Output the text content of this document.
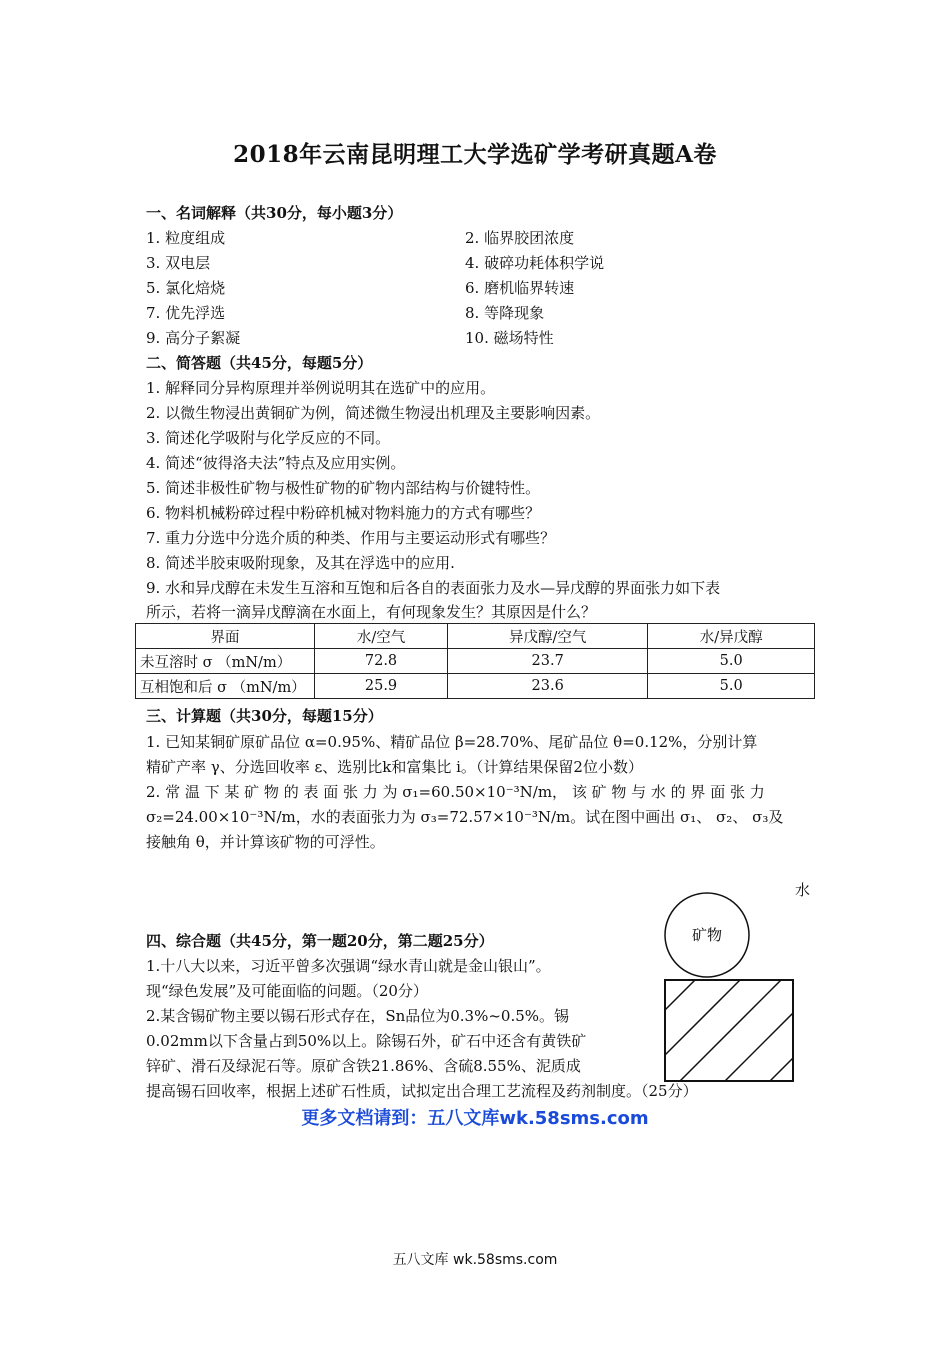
2018年云南昆明理工大学选矿学考研真题A卷
一、名词解释（共30分，每小题3分）
1. 粒度组成	2. 临界胶团浓度
3. 双电层	4. 破碎功耗体积学说
5. 氯化焙烧	6. 磨机临界转速
7. 优先浮选	8. 等降现象
9. 高分子絮凝	10. 磁场特性
二、简答题（共45分，每题5分）
1. 解释同分异构原理并举例说明其在选矿中的应用。
2. 以微生物浸出黄铜矿为例，简述微生物浸出机理及主要影响因素。
3. 简述化学吸附与化学反应的不同。
4. 简述“彼得洛夫法”特点及应用实例。
5. 简述非极性矿物与极性矿物的矿物内部结构与价键特性。
6. 物料机械粉碎过程中粉碎机械对物料施力的方式有哪些？
7. 重力分选中分选介质的种类、作用与主要运动形式有哪些？
8. 简述半胶束吸附现象，及其在浮选中的应用.
9. 水和异戊醇在未发生互溶和互饱和后各自的表面张力及水—异戊醇的界面张力如下表
所示，若将一滴异戊醇滴在水面上，有何现象发生？其原因是什么？
界面	水/空气	异戊醇/空气	水/异戊醇
未互溶时 σ （mN/m）	72.8	23.7	5.0
互相饱和后 σ （mN/m）	25.9	23.6	5.0
三、计算题（共30分，每题15分）
1. 已知某铜矿原矿品位 α=0.95%、精矿品位 β=28.70%、尾矿品位 θ=0.12%，分别计算
精矿产率 γ、分选回收率 ε、选别比k和富集比 i。（计算结果保留2位小数）
2. 常 温 下 某 矿 物 的 表 面 张 力 为 σ₁=60.50×10⁻³N/m， 该 矿 物 与 水 的 界 面 张 力
σ₂=24.00×10⁻³N/m，水的表面张力为 σ₃=72.57×10⁻³N/m。试在图中画出 σ₁、 σ₂、 σ₃及
接触角 θ，并计算该矿物的可浮性。
水
矿物
四、综合题（共45分，第一题20分，第二题25分）
1.十八大以来，习近平曾多次强调“绿水青山就是金山银山”。
现“绿色发展”及可能面临的问题。（20分）
2.某含锡矿物主要以锡石形式存在，Sn品位为0.3%~0.5%。锡
0.02mm以下含量占到50%以上。除锡石外，矿石中还含有黄铁矿
锌矿、滑石及绿泥石等。原矿含铁21.86%、含硫8.55%、泥质成
提高锡石回收率，根据上述矿石性质，试拟定出合理工艺流程及药剂制度。（25分）
更多文档请到：五八文库wk.58sms.com
五八文库 wk.58sms.com
